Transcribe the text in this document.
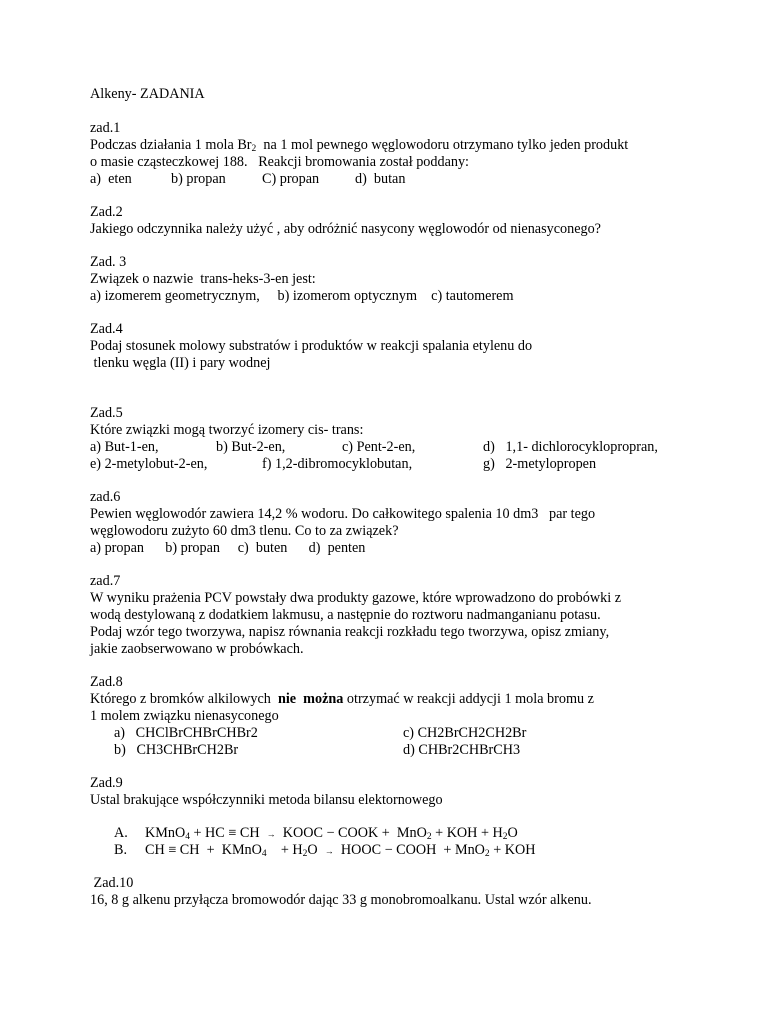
Alkeny- ZADANIA
zad.1
Podczas działania 1 mola $Br_2$  na 1 mol pewnego węglowodoru otrzymano tylko jeden produkt
o masie cząsteczkowej 188.   Reakcji bromowania został poddany:
a)  eten	b) propan	C) propan	d)  butan
Zad.2
Jakiego odczynnika należy użyć , aby odróżnić nasycony węglowodór od nienasyconego?
Zad. 3
Związek o nazwie  trans-heks-3-en jest:
a) izomerem geometrycznym,     b) izomerom optycznym    c) tautomerem
Zad.4
Podaj stosunek molowy substratów i produktów w reakcji spalania etylenu do
tlenku węgla (II) i pary wodnej
Zad.5
Które związki mogą tworzyć izomery cis- trans:
a) But-1-en,	b) But-2-en,	c) Pent-2-en,	d)   1,1- dichlorocyklopropran,
e) 2-metylobut-2-en,	f) 1,2-dibromocyklobutan,	g)   2-metylopropen
zad.6
Pewien węglowodór zawiera 14,2 % wodoru. Do całkowitego spalenia 10 dm3   par tego
węglowodoru zużyto 60 dm3 tlenu. Co to za związek?
a) propan      b) propan     c)  buten      d)  penten
zad.7
W wyniku prażenia PCV powstały dwa produkty gazowe, które wprowadzono do probówki z
wodą destylowaną z dodatkiem lakmusu, a następnie do roztworu nadmanganianu potasu.
Podaj wzór tego tworzywa, napisz równania reakcji rozkładu tego tworzywa, opisz zmiany,
jakie zaobserwowano w probówkach.
Zad.8
Którego z bromków alkilowych  nie  można otrzymać w reakcji addycji 1 mola bromu z
1 molem związku nienasyconego
a)   CHClBrCHBrCHBr2	c) CH2BrCH2CH2Br
b)   CH3CHBrCH2Br	d) CHBr2CHBrCH3
Zad.9
Ustal brakujące współczynniki metoda bilansu elektornowego
A. KMnO$_4$ + HC ≡ CH  →  KOOC − COOK +  MnO$_2$ + KOH + $H_2O$
B. CH ≡ CH  +  KMnO$_4$    + $H_2O$  →  HOOC − COOH  + MnO$_2$ + KOH
Zad.10
16, 8 g alkenu przyłącza bromowodór dając 33 g monobromoalkanu. Ustal wzór alkenu.
